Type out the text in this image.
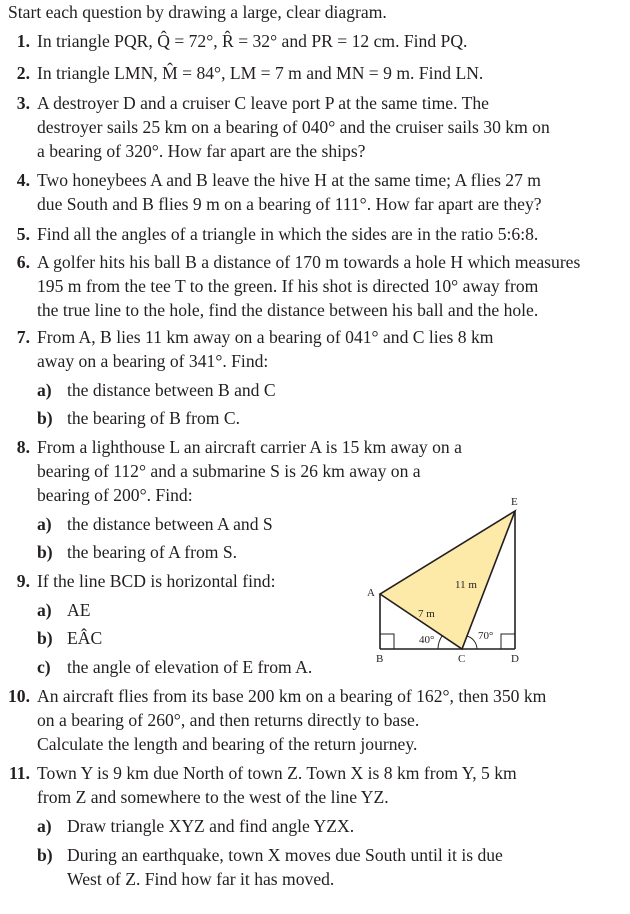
Start each question by drawing a large, clear diagram.
1. In triangle PQR, Q̂ = 72°, R̂ = 32° and PR = 12 cm. Find PQ.
2. In triangle LMN, M̂ = 84°, LM = 7 m and MN = 9 m. Find LN.
3. A destroyer D and a cruiser C leave port P at the same time. The
destroyer sails 25 km on a bearing of 040° and the cruiser sails 30 km on
a bearing of 320°. How far apart are the ships?
4. Two honeybees A and B leave the hive H at the same time; A flies 27 m
due South and B flies 9 m on a bearing of 111°. How far apart are they?
5. Find all the angles of a triangle in which the sides are in the ratio 5:6:8.
6. A golfer hits his ball B a distance of 170 m towards a hole H which measures
195 m from the tee T to the green. If his shot is directed 10° away from
the true line to the hole, find the distance between his ball and the hole.
7. From A, B lies 11 km away on a bearing of 041° and C lies 8 km
away on a bearing of 341°. Find:
a) the distance between B and C
b) the bearing of B from C.
8. From a lighthouse L an aircraft carrier A is 15 km away on a
bearing of 112° and a submarine S is 26 km away on a
bearing of 200°. Find:
a) the distance between A and S
b) the bearing of A from S.
9. If the line BCD is horizontal find:
a) AE
b) EÂC
c) the angle of elevation of E from A.
10. An aircraft flies from its base 200 km on a bearing of 162°, then 350 km
on a bearing of 260°, and then returns directly to base.
Calculate the length and bearing of the return journey.
11. Town Y is 9 km due North of town Z. Town X is 8 km from Y, 5 km
from Z and somewhere to the west of the line YZ.
a) Draw triangle XYZ and find angle YZX.
b) During an earthquake, town X moves due South until it is due
West of Z. Find how far it has moved.
A
B	C	D
E
7 m
11 m
40°	70°
